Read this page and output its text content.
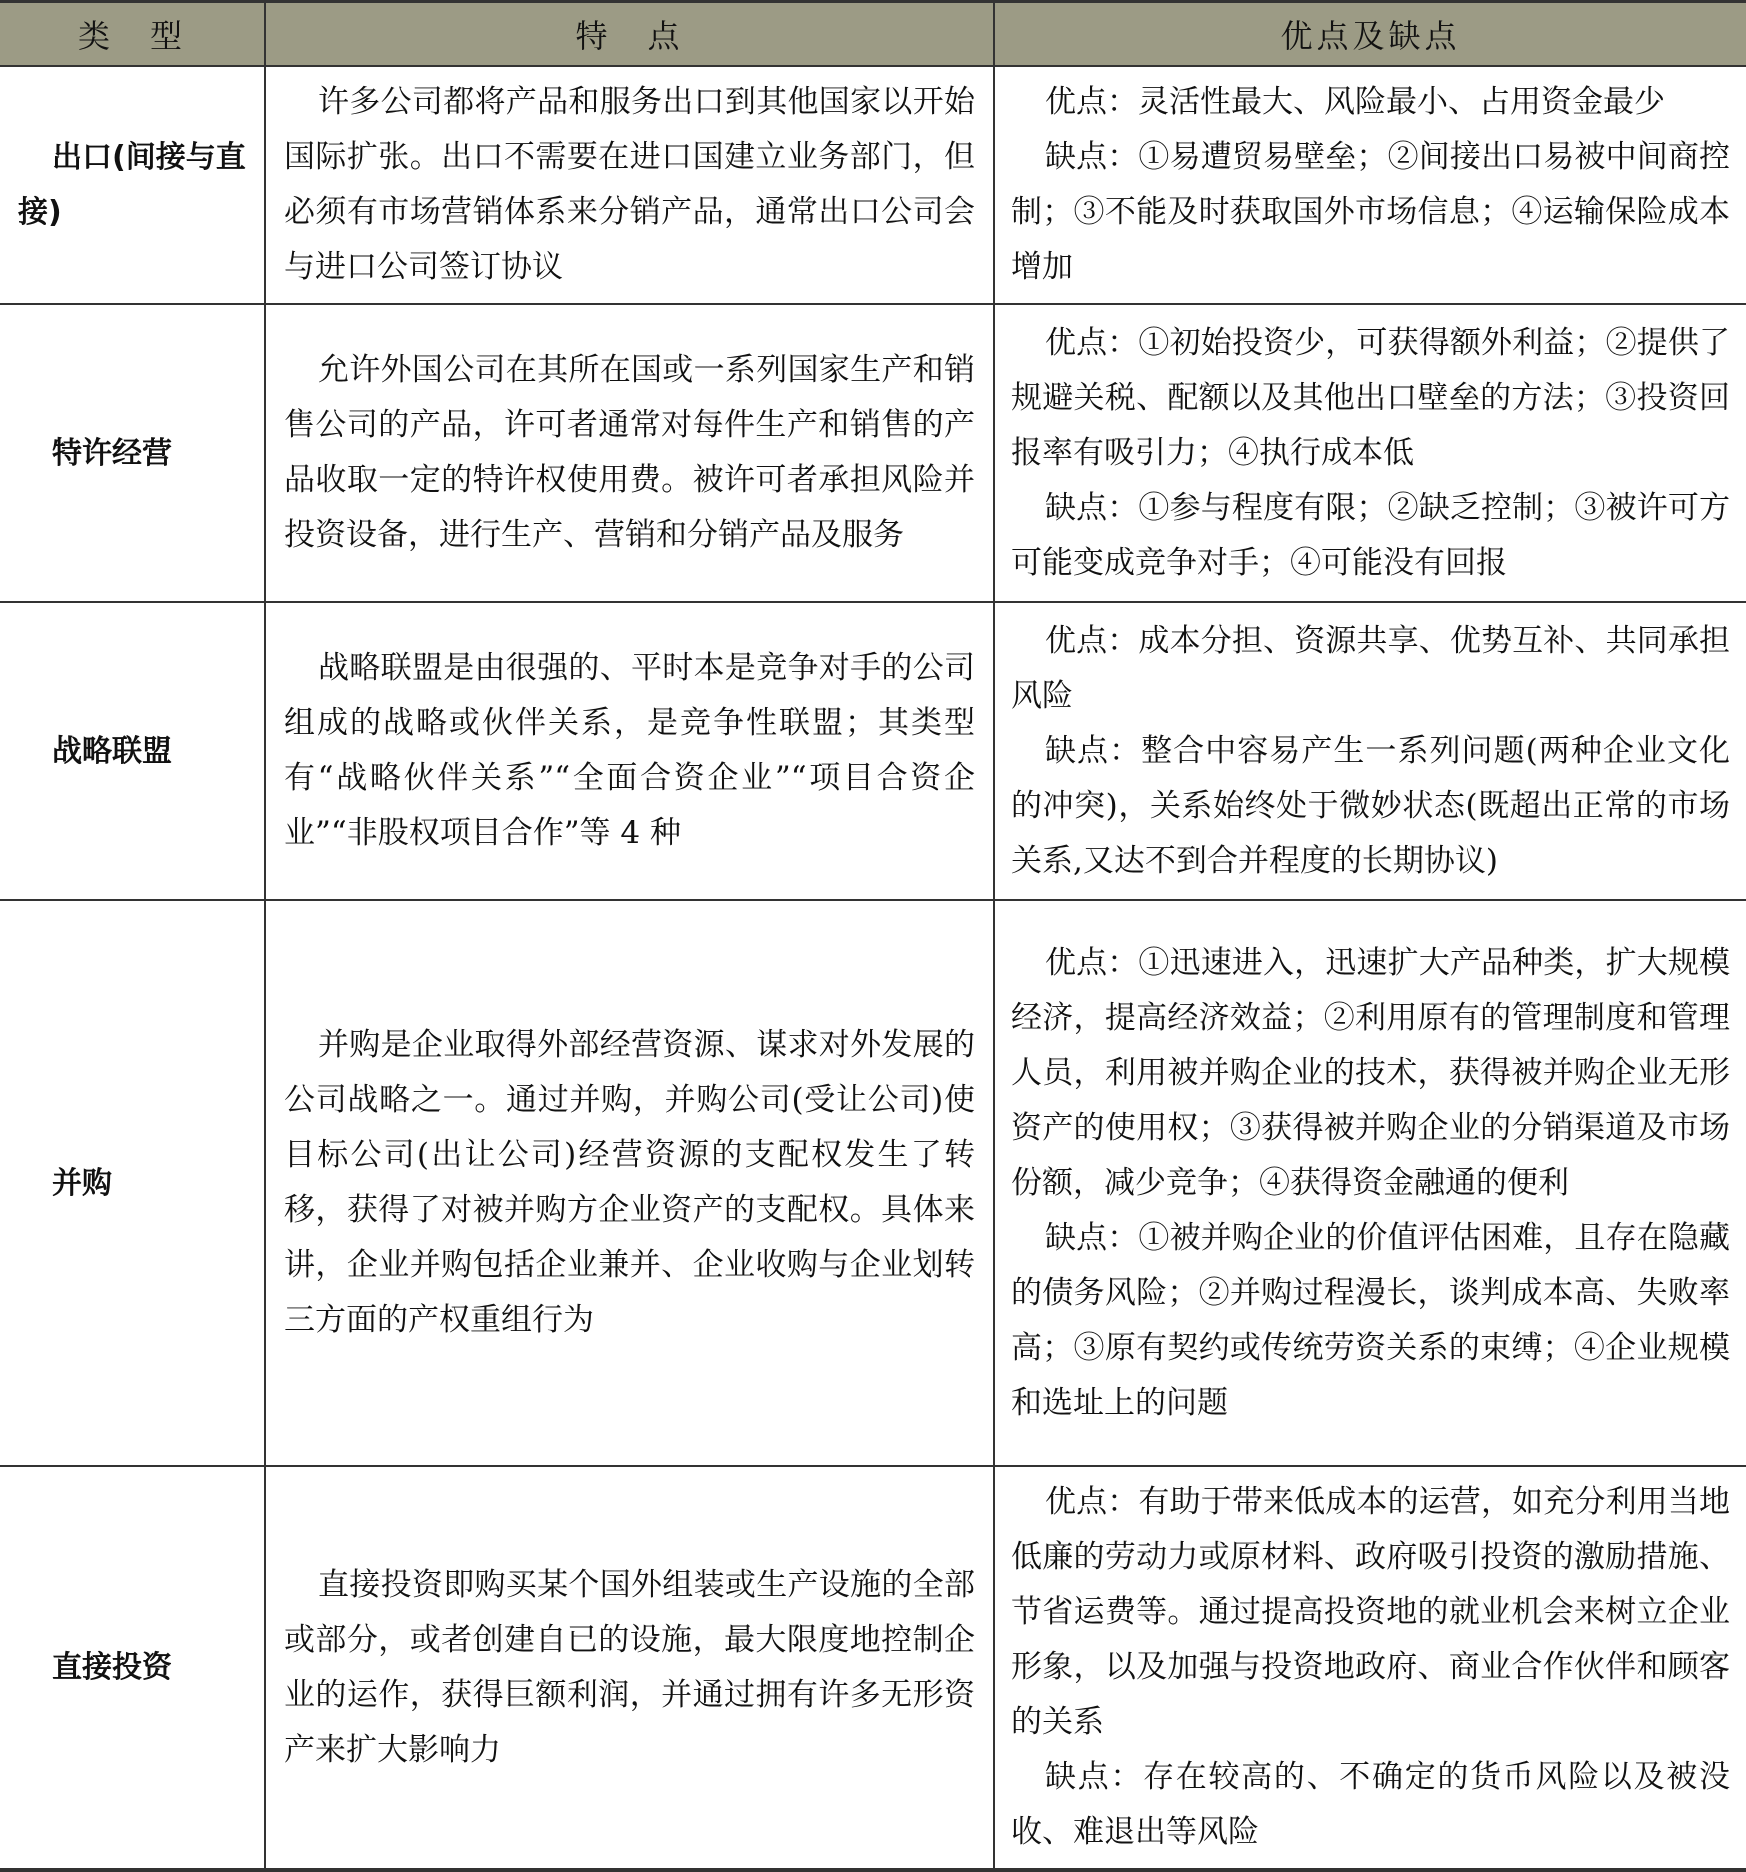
类　型	特　点	优点及缺点

出口(间接与直接)	许多公司都将产品和服务出口到其他国家以开始国际扩张。出口不需要在进口国建立业务部门，但必须有市场营销体系来分销产品，通常出口公司会与进口公司签订协议	优点：灵活性最大、风险最小、占用资金最少

缺点：①易遭贸易壁垒；②间接出口易被中间商控制；③不能及时获取国外市场信息；④运输保险成本增加

特许经营	允许外国公司在其所在国或一系列国家生产和销售公司的产品，许可者通常对每件生产和销售的产品收取一定的特许权使用费。被许可者承担风险并投资设备，进行生产、营销和分销产品及服务	优点：①初始投资少，可获得额外利益；②提供了规避关税、配额以及其他出口壁垒的方法；③投资回报率有吸引力；④执行成本低

缺点：①参与程度有限；②缺乏控制；③被许可方可能变成竞争对手；④可能没有回报

战略联盟	战略联盟是由很强的、平时本是竞争对手的公司组成的战略或伙伴关系，是竞争性联盟；其类型有“战略伙伴关系”“全面合资企业”“项目合资企业”“非股权项目合作”等 4 种	优点：成本分担、资源共享、优势互补、共同承担风险

缺点：整合中容易产生一系列问题(两种企业文化的冲突)，关系始终处于微妙状态(既超出正常的市场关系,又达不到合并程度的长期协议)

并购	并购是企业取得外部经营资源、谋求对外发展的公司战略之一。通过并购，并购公司(受让公司)使目标公司(出让公司)经营资源的支配权发生了转移，获得了对被并购方企业资产的支配权。具体来讲，企业并购包括企业兼并、企业收购与企业划转三方面的产权重组行为	优点：①迅速进入，迅速扩大产品种类，扩大规模经济，提高经济效益；②利用原有的管理制度和管理人员，利用被并购企业的技术，获得被并购企业无形资产的使用权；③获得被并购企业的分销渠道及市场份额，减少竞争；④获得资金融通的便利

缺点：①被并购企业的价值评估困难，且存在隐藏的债务风险；②并购过程漫长，谈判成本高、失败率高；③原有契约或传统劳资关系的束缚；④企业规模和选址上的问题

直接投资	直接投资即购买某个国外组装或生产设施的全部或部分，或者创建自已的设施，最大限度地控制企业的运作，获得巨额利润，并通过拥有许多无形资产来扩大影响力	优点：有助于带来低成本的运营，如充分利用当地低廉的劳动力或原材料、政府吸引投资的激励措施、节省运费等。通过提高投资地的就业机会来树立企业形象，以及加强与投资地政府、商业合作伙伴和顾客的关系

缺点：存在较高的、不确定的货币风险以及被没收、难退出等风险
